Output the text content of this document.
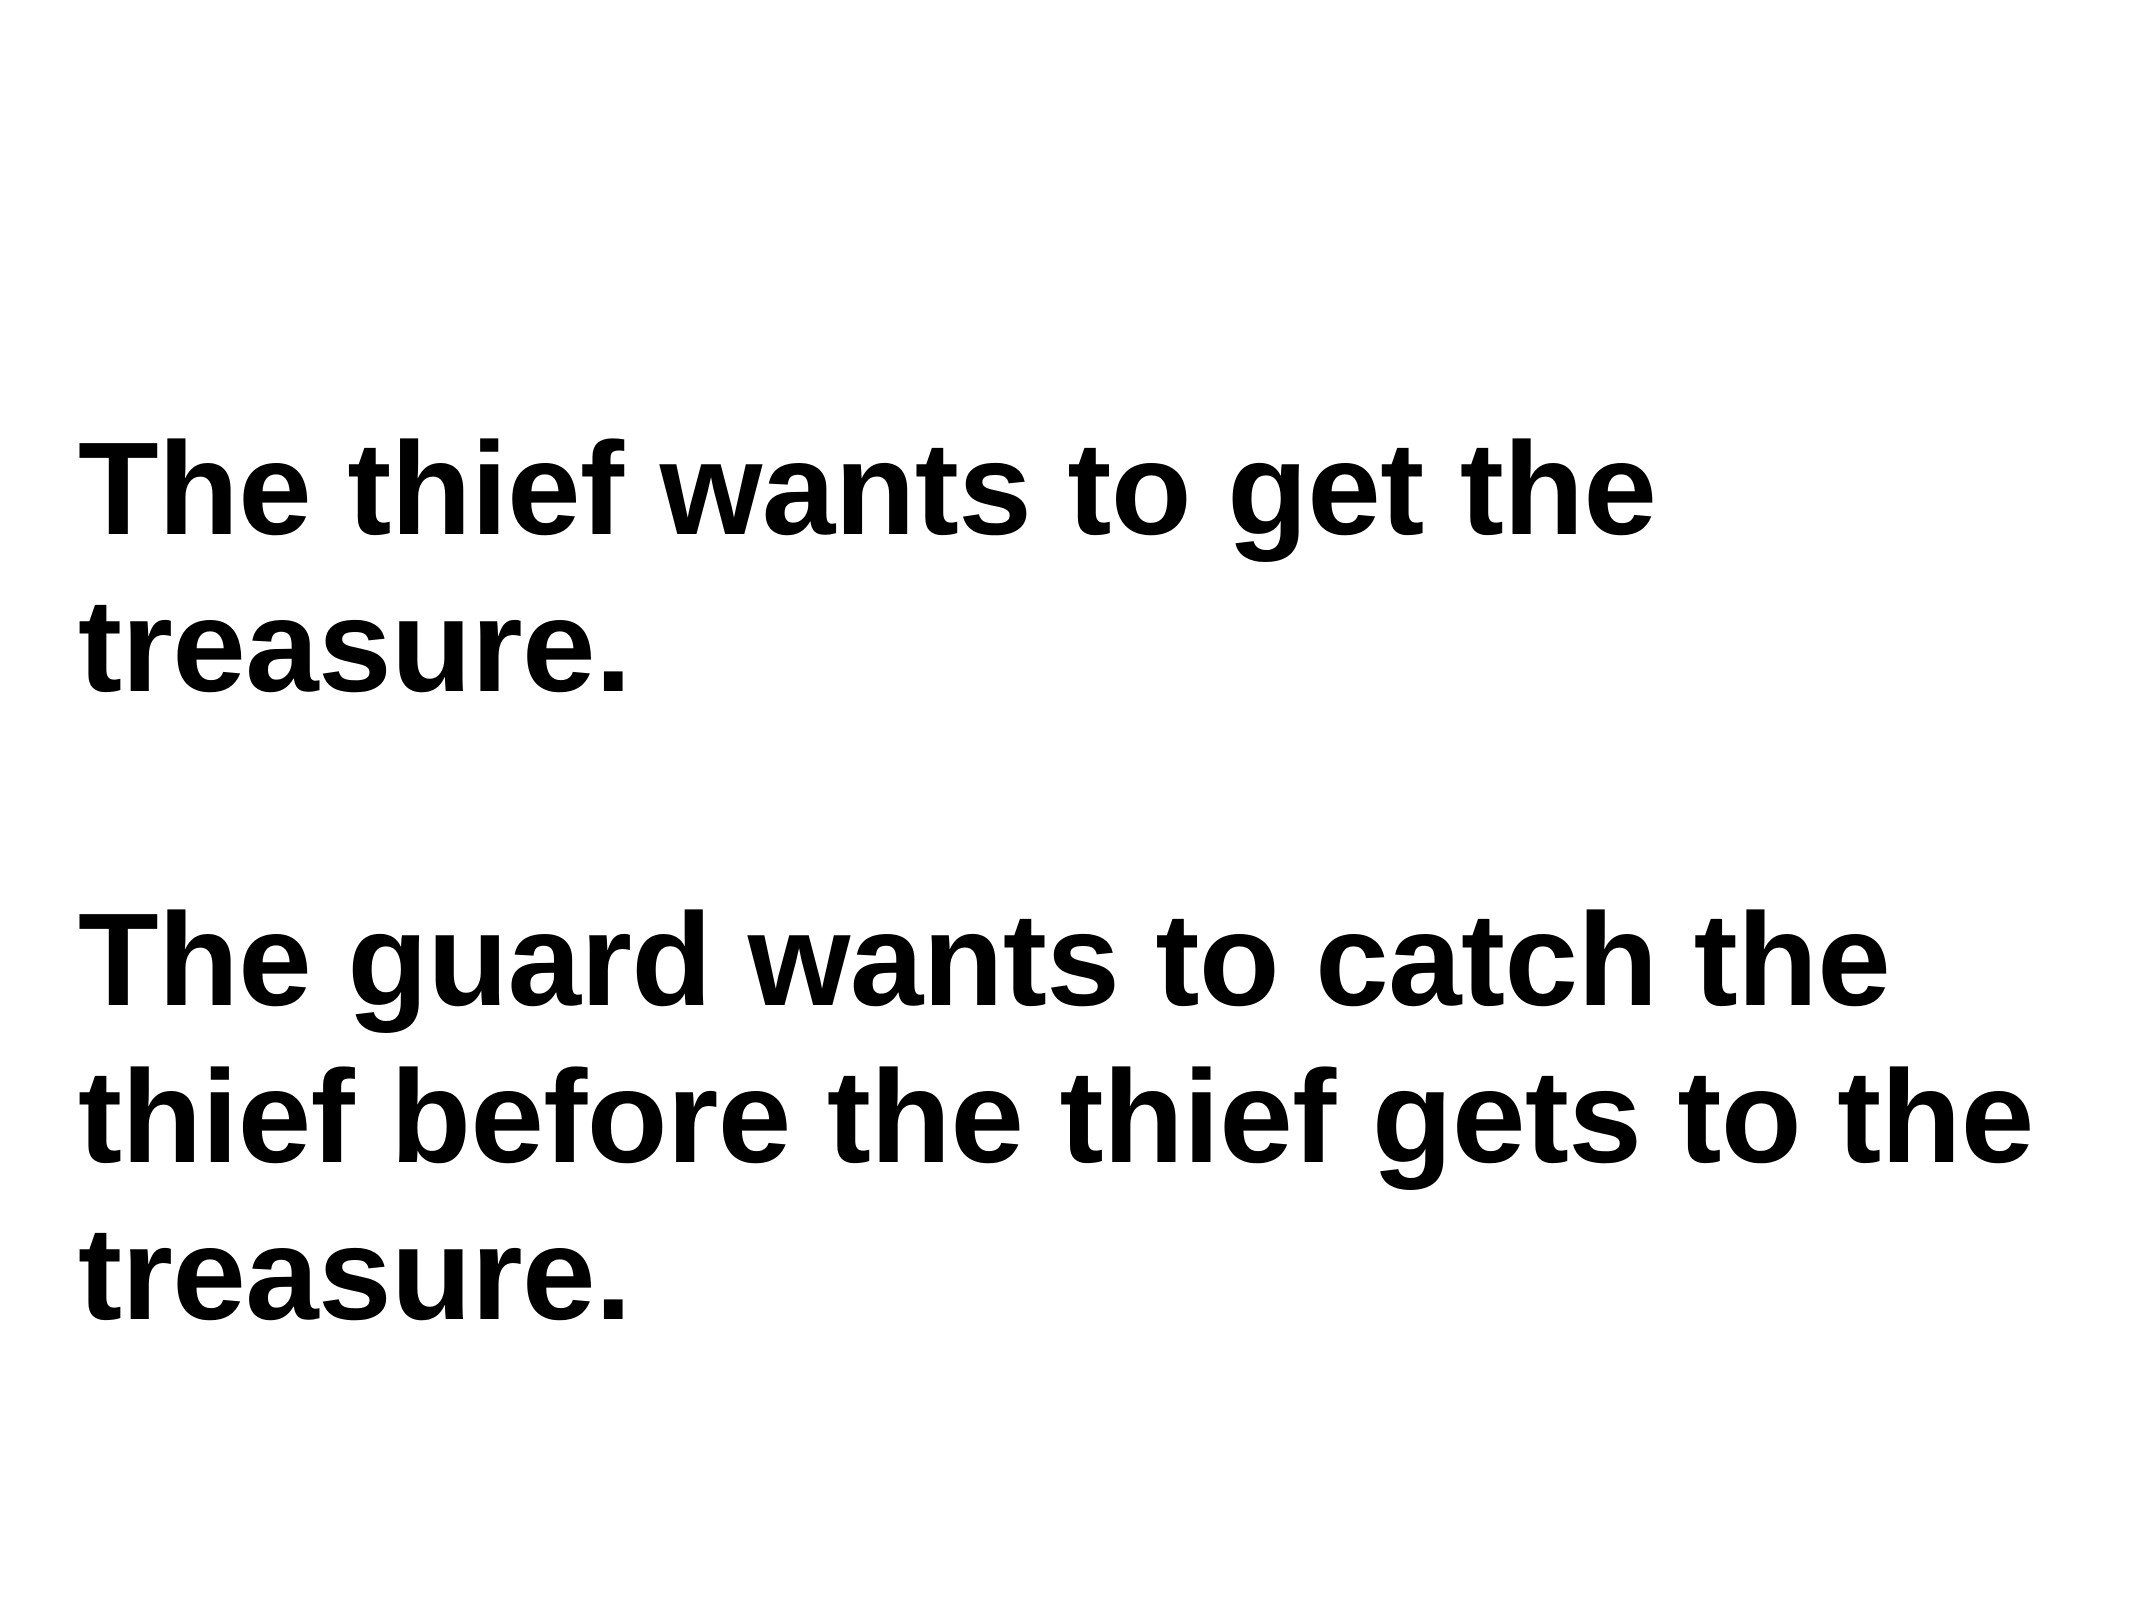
The thief wants to get the treasure.

The guard wants to catch the thief before the thief gets to the treasure.
